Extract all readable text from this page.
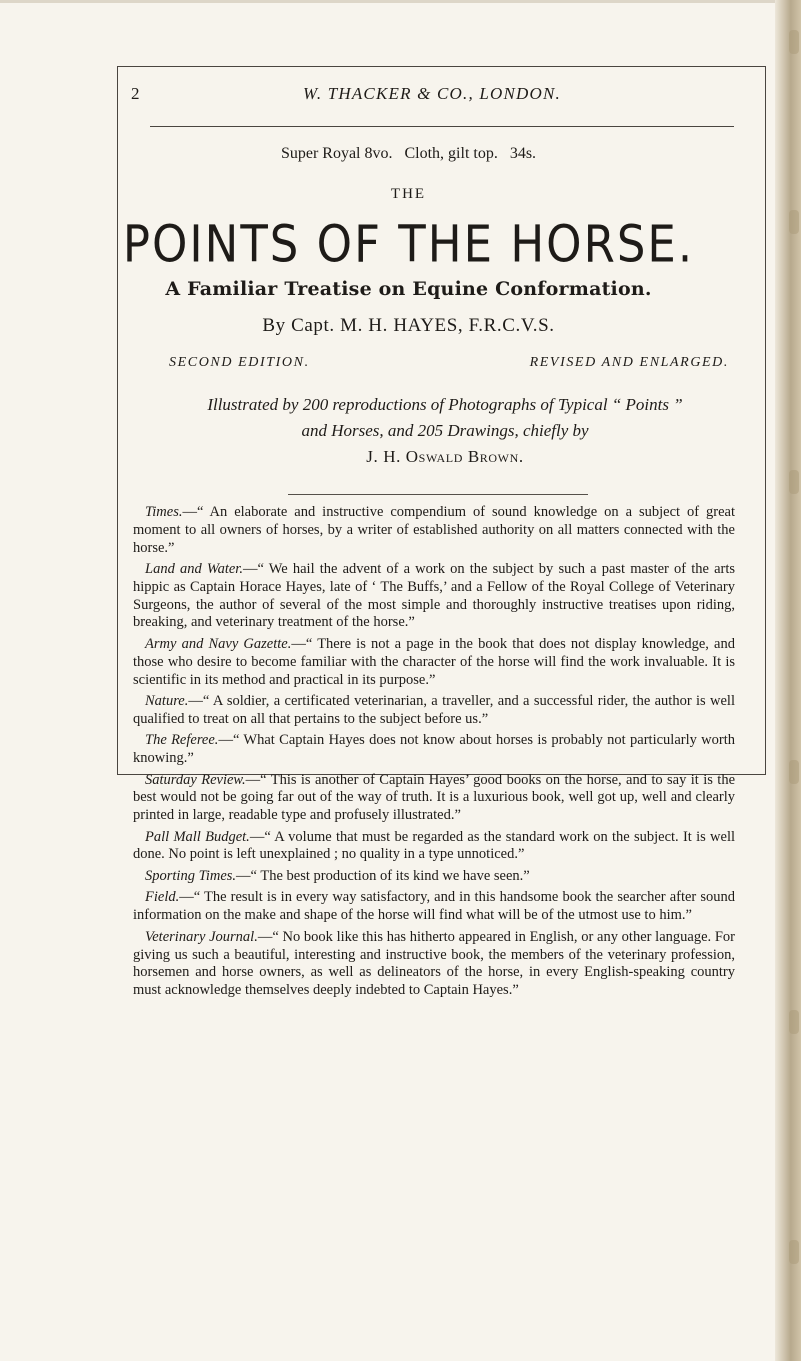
2	W. THACKER & CO., LONDON.
Super Royal 8vo.   Cloth, gilt top.   34s.
THE
POINTS OF THE HORSE.
A Familiar Treatise on Equine Conformation.
By Capt. M. H. HAYES, F.R.C.V.S.
SECOND EDITION.	REVISED AND ENLARGED.
Illustrated by 200 reproductions of Photographs of Typical “ Points ”
and Horses, and 205 Drawings, chiefly by
J. H. Oswald Brown.

Times.—“ An elaborate and instructive compendium of sound knowledge on a subject of great moment to all owners of horses, by a writer of established authority on all matters connected with the horse.”

Land and Water.—“ We hail the advent of a work on the subject by such a past master of the arts hippic as Captain Horace Hayes, late of ‘ The Buffs,’ and a Fellow of the Royal College of Veterinary Surgeons, the author of several of the most simple and thoroughly instructive treatises upon riding, breaking, and veterinary treatment of the horse.”

Army and Navy Gazette.—“ There is not a page in the book that does not display knowledge, and those who desire to become familiar with the character of the horse will find the work invaluable. It is scientific in its method and practical in its purpose.”

Nature.—“ A soldier, a certificated veterinarian, a traveller, and a successful rider, the author is well qualified to treat on all that pertains to the subject before us.”

The Referee.—“ What Captain Hayes does not know about horses is probably not particularly worth knowing.”

Saturday Review.—“ This is another of Captain Hayes’ good books on the horse, and to say it is the best would not be going far out of the way of truth. It is a luxurious book, well got up, well and clearly printed in large, readable type and profusely illustrated.”

Pall Mall Budget.—“ A volume that must be regarded as the standard work on the subject. It is well done. No point is left unexplained ; no quality in a type unnoticed.”

Sporting Times.—“ The best production of its kind we have seen.”

Field.—“ The result is in every way satisfactory, and in this handsome book the searcher after sound information on the make and shape of the horse will find what will be of the utmost use to him.”

Veterinary Journal.—“ No book like this has hitherto appeared in English, or any other language. For giving us such a beautiful, interesting and instructive book, the members of the veterinary profession, horsemen and horse owners, as well as delineators of the horse, in every English-speaking country must acknowledge themselves deeply indebted to Captain Hayes.”
